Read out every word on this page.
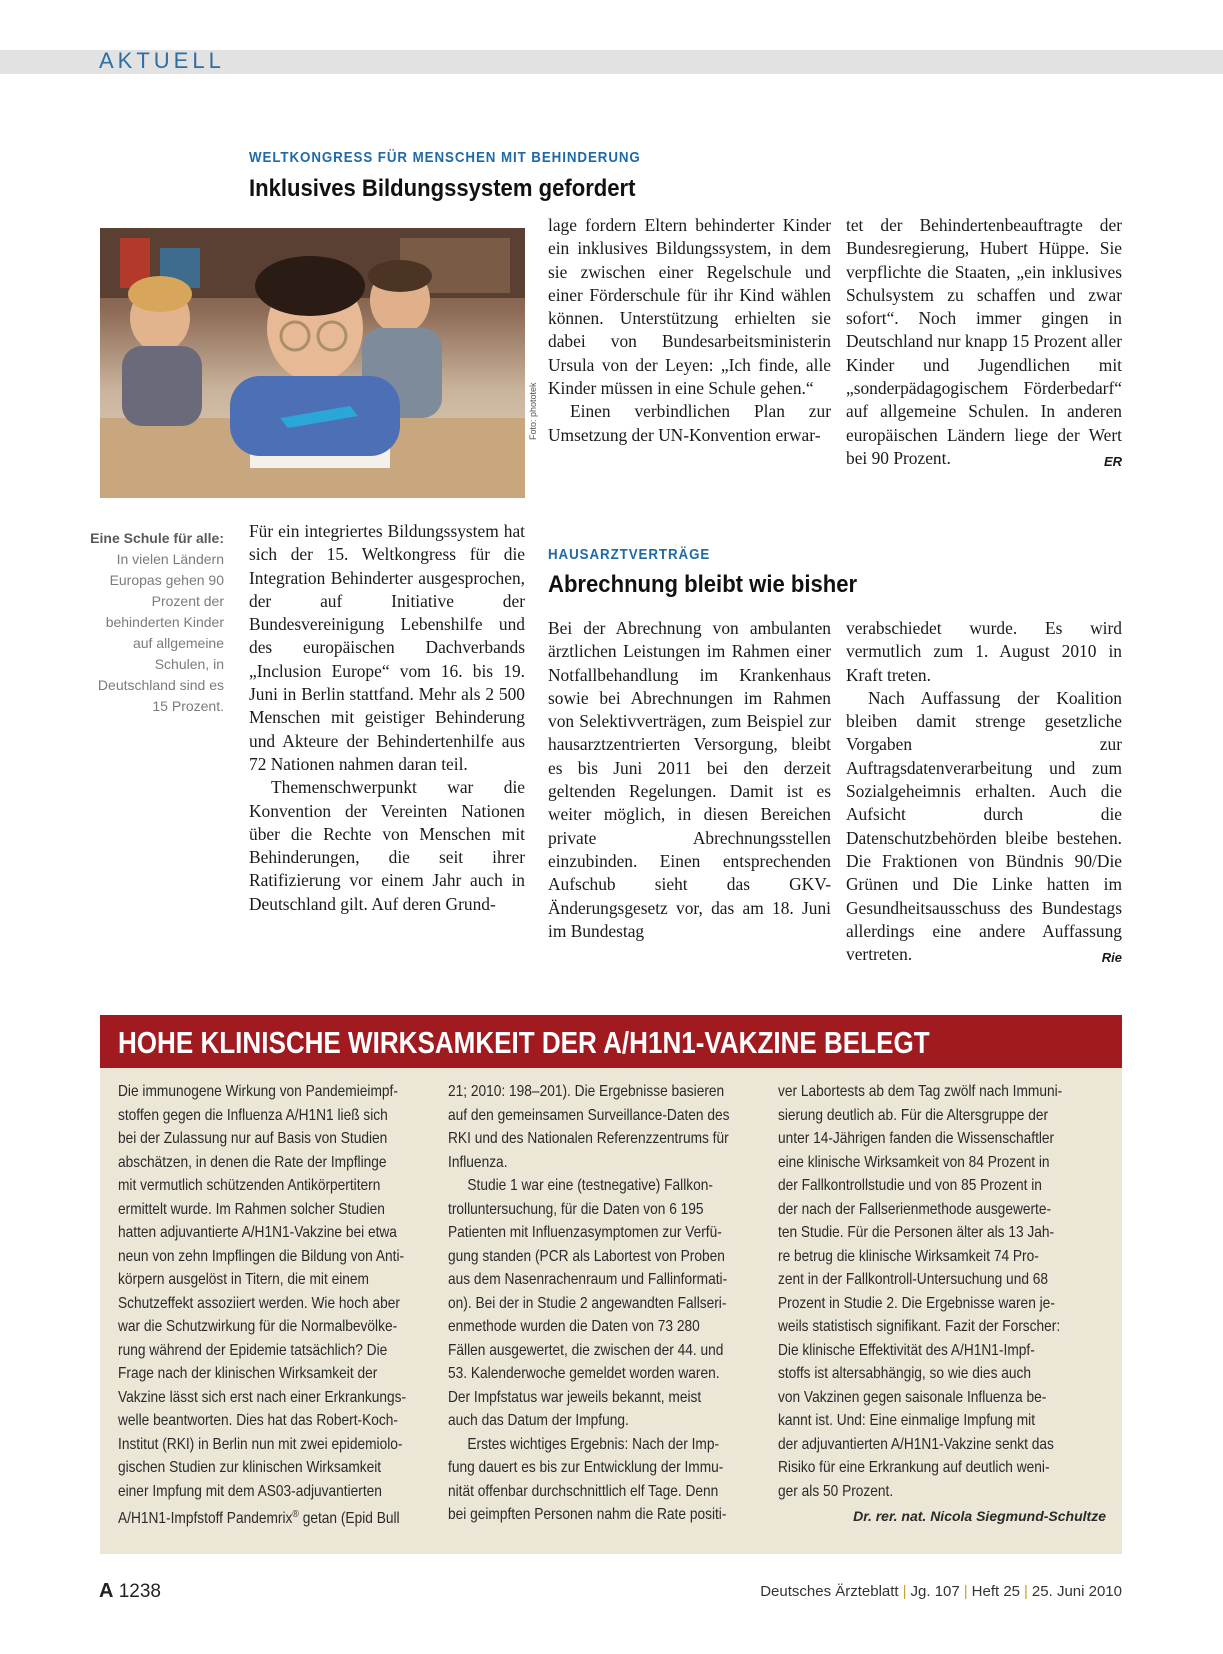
AKTUELL
WELTKONGRESS FÜR MENSCHEN MIT BEHINDERUNG
Inklusives Bildungssystem gefordert
Foto: phototek
Eine Schule für alle: In vielen Ländern Europas gehen 90 Prozent der behinderten Kinder auf allgemeine Schulen, in Deutschland sind es 15 Prozent.

lage fordern Eltern behinderter Kinder ein inklusives Bildungssystem, in dem sie zwischen einer Regelschule und einer Förderschule für ihr Kind wählen können. Unterstützung erhielten sie dabei von Bundesarbeitsministerin Ursula von der Leyen: „Ich finde, alle Kinder müssen in eine Schule gehen.“

Einen verbindlichen Plan zur Umsetzung der UN-Konvention erwar-

tet der Behindertenbeauftragte der Bundesregierung, Hubert Hüppe. Sie verpflichte die Staaten, „ein inklusives Schulsystem zu schaffen und zwar sofort“. Noch immer gingen in Deutschland nur knapp 15 Prozent aller Kinder und Jugendlichen mit „sonderpädagogischem Förderbedarf“ auf allgemeine Schulen. In anderen europäischen Ländern liege der Wert bei 90 Prozent.	ER

Für ein integriertes Bildungssystem hat sich der 15. Weltkongress für die Integration Behinderter ausgesprochen, der auf Initiative der Bundesvereinigung Lebenshilfe und des europäischen Dachverbands „Inclusion Europe“ vom 16. bis 19. Juni in Berlin stattfand. Mehr als 2 500 Menschen mit geistiger Behinderung und Akteure der Behindertenhilfe aus 72 Nationen nahmen daran teil.

Themenschwerpunkt war die Konvention der Vereinten Nationen über die Rechte von Menschen mit Behinderungen, die seit ihrer Ratifizierung vor einem Jahr auch in Deutschland gilt. Auf deren Grund-

HAUSARZTVERTRÄGE
Abrechnung bleibt wie bisher

Bei der Abrechnung von ambulanten ärztlichen Leistungen im Rahmen einer Notfallbehandlung im Krankenhaus sowie bei Abrechnungen im Rahmen von Selektivverträgen, zum Beispiel zur hausarztzentrierten Versorgung, bleibt es bis Juni 2011 bei den derzeit geltenden Regelungen. Damit ist es weiter möglich, in diesen Bereichen private Abrechnungsstellen einzubinden. Einen entsprechenden Aufschub sieht das GKV-Änderungsgesetz vor, das am 18. Juni im Bundestag

verabschiedet wurde. Es wird vermutlich zum 1. August 2010 in Kraft treten.

Nach Auffassung der Koalition bleiben damit strenge gesetzliche Vorgaben zur Auftragsdatenverarbeitung und zum Sozialgeheimnis erhalten. Auch die Aufsicht durch die Datenschutzbehörden bleibe bestehen. Die Fraktionen von Bündnis 90/Die Grünen und Die Linke hatten im Gesundheitsausschuss des Bundestags allerdings eine andere Auffassung vertreten.	Rie
HOHE KLINISCHE WIRKSAMKEIT DER A/H1N1-VAKZINE BELEGT

Die immunogene Wirkung von Pandemieimpf-

stoffen gegen die Influenza A/H1N1 ließ sich

bei der Zulassung nur auf Basis von Studien

abschätzen, in denen die Rate der Impflinge

mit vermutlich schützenden Antikörpertitern

ermittelt wurde. Im Rahmen solcher Studien

hatten adjuvantierte A/H1N1-Vakzine bei etwa

neun von zehn Impflingen die Bildung von Anti-

körpern ausgelöst in Titern, die mit einem

Schutzeffekt assoziiert werden. Wie hoch aber

war die Schutzwirkung für die Normalbevölke-

rung während der Epidemie tatsächlich? Die

Frage nach der klinischen Wirksamkeit der

Vakzine lässt sich erst nach einer Erkrankungs-

welle beantworten. Dies hat das Robert-Koch-

Institut (RKI) in Berlin nun mit zwei epidemiolo-

gischen Studien zur klinischen Wirksamkeit

einer Impfung mit dem AS03-adjuvantierten

A/H1N1-Impfstoff Pandemrix® getan (Epid Bull

21; 2010: 198–201). Die Ergebnisse basieren

auf den gemeinsamen Surveillance-Daten des

RKI und des Nationalen Referenzzentrums für

Influenza.

Studie 1 war eine (testnegative) Fallkon-

trolluntersuchung, für die Daten von 6 195

Patienten mit Influenzasymptomen zur Verfü-

gung standen (PCR als Labortest von Proben

aus dem Nasenrachenraum und Fallinformati-

on). Bei der in Studie 2 angewandten Fallseri-

enmethode wurden die Daten von 73 280

Fällen ausgewertet, die zwischen der 44. und

53. Kalenderwoche gemeldet worden waren.

Der Impfstatus war jeweils bekannt, meist

auch das Datum der Impfung.

Erstes wichtiges Ergebnis: Nach der Imp-

fung dauert es bis zur Entwicklung der Immu-

nität offenbar durchschnittlich elf Tage. Denn

bei geimpften Personen nahm die Rate positi-

ver Labortests ab dem Tag zwölf nach Immuni-

sierung deutlich ab. Für die Altersgruppe der

unter 14-Jährigen fanden die Wissenschaftler

eine klinische Wirksamkeit von 84 Prozent in

der Fallkontrollstudie und von 85 Prozent in

der nach der Fallserienmethode ausgewerte-

ten Studie. Für die Personen älter als 13 Jah-

re betrug die klinische Wirksamkeit 74 Pro-

zent in der Fallkontroll-Untersuchung und 68

Prozent in Studie 2. Die Ergebnisse waren je-

weils statistisch signifikant. Fazit der Forscher:

Die klinische Effektivität des A/H1N1-Impf-

stoffs ist altersabhängig, so wie dies auch

von Vakzinen gegen saisonale Influenza be-

kannt ist. Und: Eine einmalige Impfung mit

der adjuvantierten A/H1N1-Vakzine senkt das

Risiko für eine Erkrankung auf deutlich weni-

ger als 50 Prozent.

Dr. rer. nat. Nicola Siegmund-Schultze
A 1238	Deutsches Ärzteblatt | Jg. 107 | Heft 25 | 25. Juni 2010
